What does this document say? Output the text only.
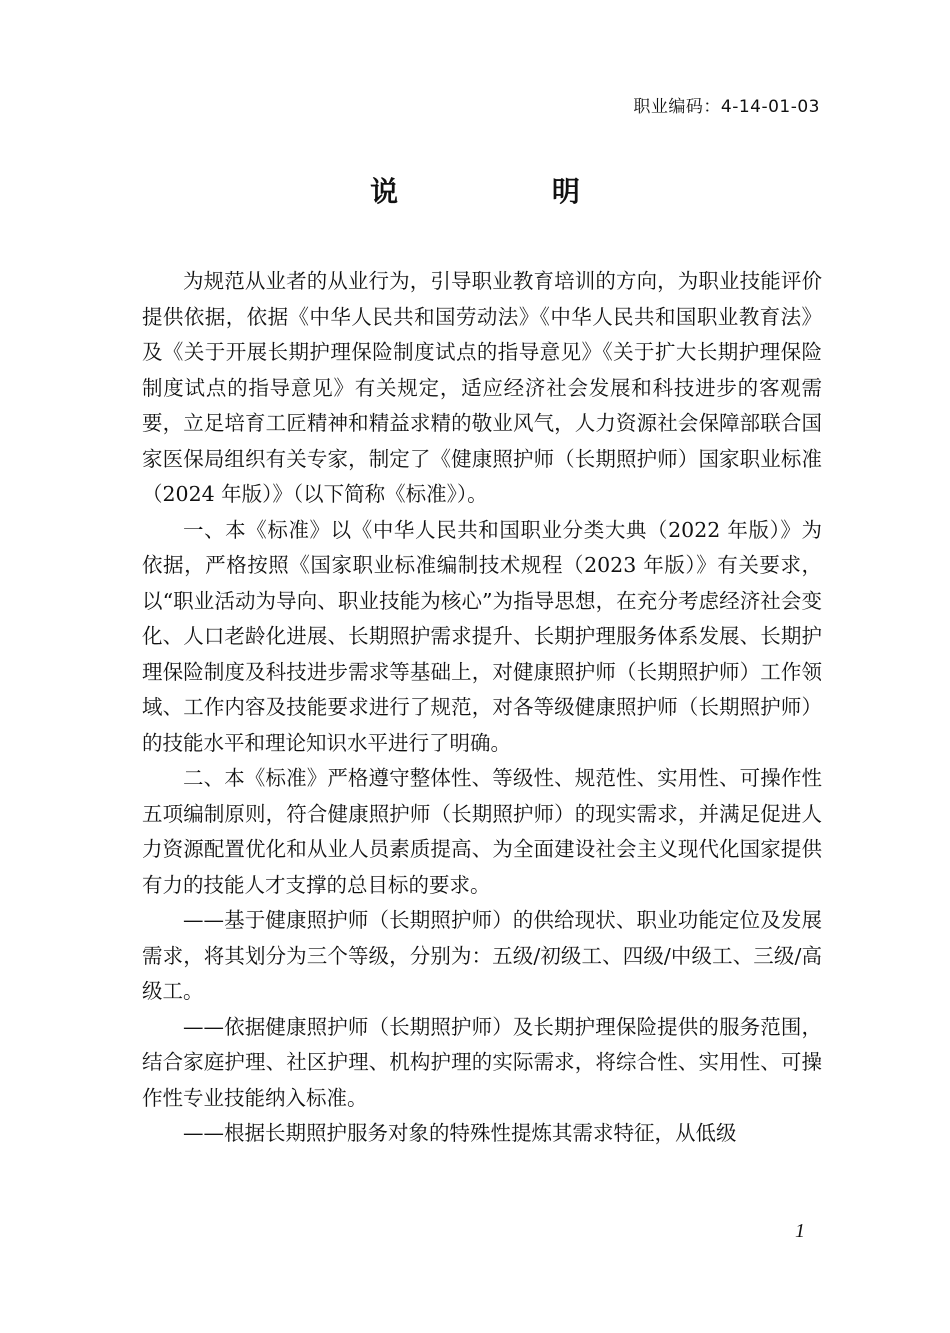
职业编码：4-14-01-03
说 明

为规范从业者的从业行为，引导职业教育培训的方向，为职业技能评价提供依据，依据《中华人民共和国劳动法》《中华人民共和国职业教育法》及《关于开展长期护理保险制度试点的指导意见》《关于扩大长期护理保险制度试点的指导意见》有关规定，适应经济社会发展和科技进步的客观需要，立足培育工匠精神和精益求精的敬业风气，人力资源社会保障部联合国家医保局组织有关专家，制定了《健康照护师（长期照护师）国家职业标准（2024 年版）》（以下简称《标准》）。

一、本《标准》以《中华人民共和国职业分类大典（2022 年版）》为依据，严格按照《国家职业标准编制技术规程（2023 年版）》有关要求，以“职业活动为导向、职业技能为核心”为指导思想，在充分考虑经济社会变化、人口老龄化进展、长期照护需求提升、长期护理服务体系发展、长期护理保险制度及科技进步需求等基础上，对健康照护师（长期照护师）工作领域、工作内容及技能要求进行了规范，对各等级健康照护师（长期照护师）的技能水平和理论知识水平进行了明确。

二、本《标准》严格遵守整体性、等级性、规范性、实用性、可操作性五项编制原则，符合健康照护师（长期照护师）的现实需求，并满足促进人力资源配置优化和从业人员素质提高、为全面建设社会主义现代化国家提供有力的技能人才支撑的总目标的要求。

——基于健康照护师（长期照护师）的供给现状、职业功能定位及发展需求，将其划分为三个等级，分别为：五级/初级工、四级/中级工、三级/高级工。

——依据健康照护师（长期照护师）及长期护理保险提供的服务范围，结合家庭护理、社区护理、机构护理的实际需求，将综合性、实用性、可操作性专业技能纳入标准。

——根据长期照护服务对象的特殊性提炼其需求特征，从低级

1
